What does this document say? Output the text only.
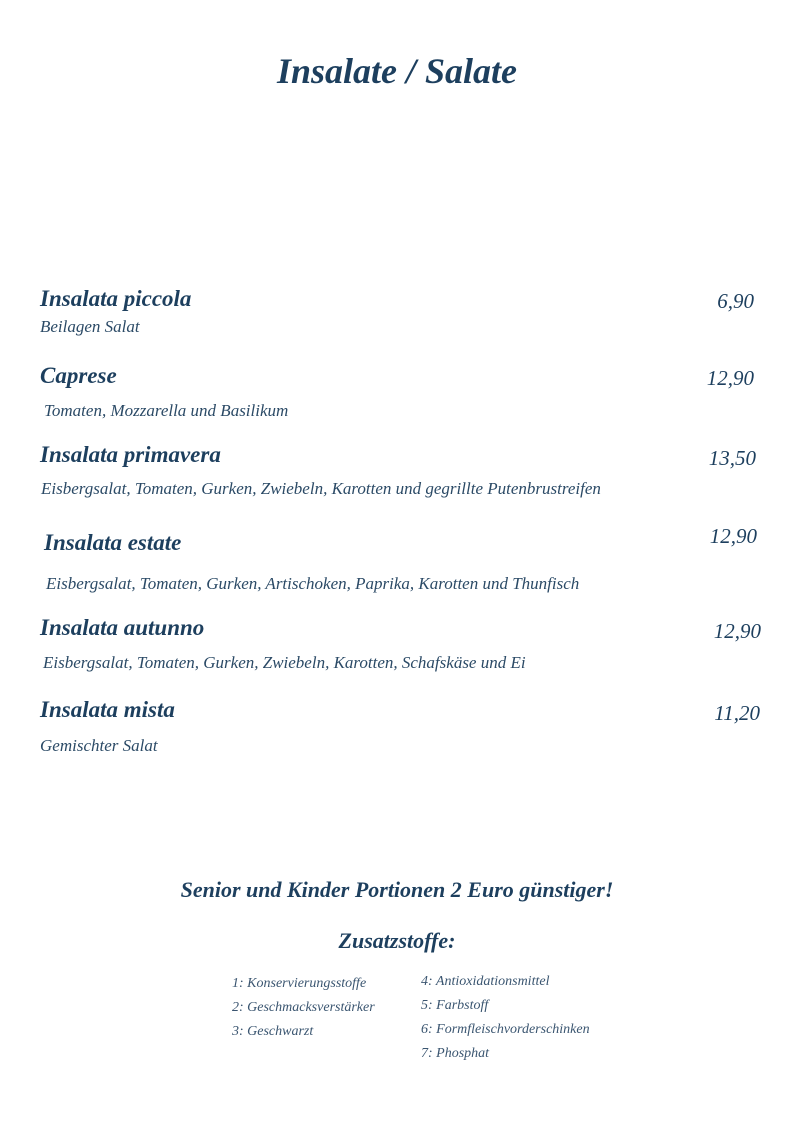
Insalate / Salate
Insalata piccola	6,90
Beilagen Salat
Caprese	12,90
Tomaten, Mozzarella und Basilikum
Insalata primavera	13,50
Eisbergsalat, Tomaten, Gurken, Zwiebeln, Karotten und gegrillte Putenbrustreifen
Insalata estate	12,90
Eisbergsalat, Tomaten, Gurken, Artischoken, Paprika, Karotten und Thunfisch
Insalata autunno	12,90
Eisbergsalat, Tomaten, Gurken, Zwiebeln, Karotten, Schafskäse und Ei
Insalata mista	11,20
Gemischter Salat
Senior und Kinder Portionen 2 Euro günstiger!
Zusatzstoffe:
1: Konservierungsstoffe
2: Geschmacksverstärker
3: Geschwarzt
4: Antioxidationsmittel
5: Farbstoff
6: Formfleischvorderschinken
7: Phosphat
